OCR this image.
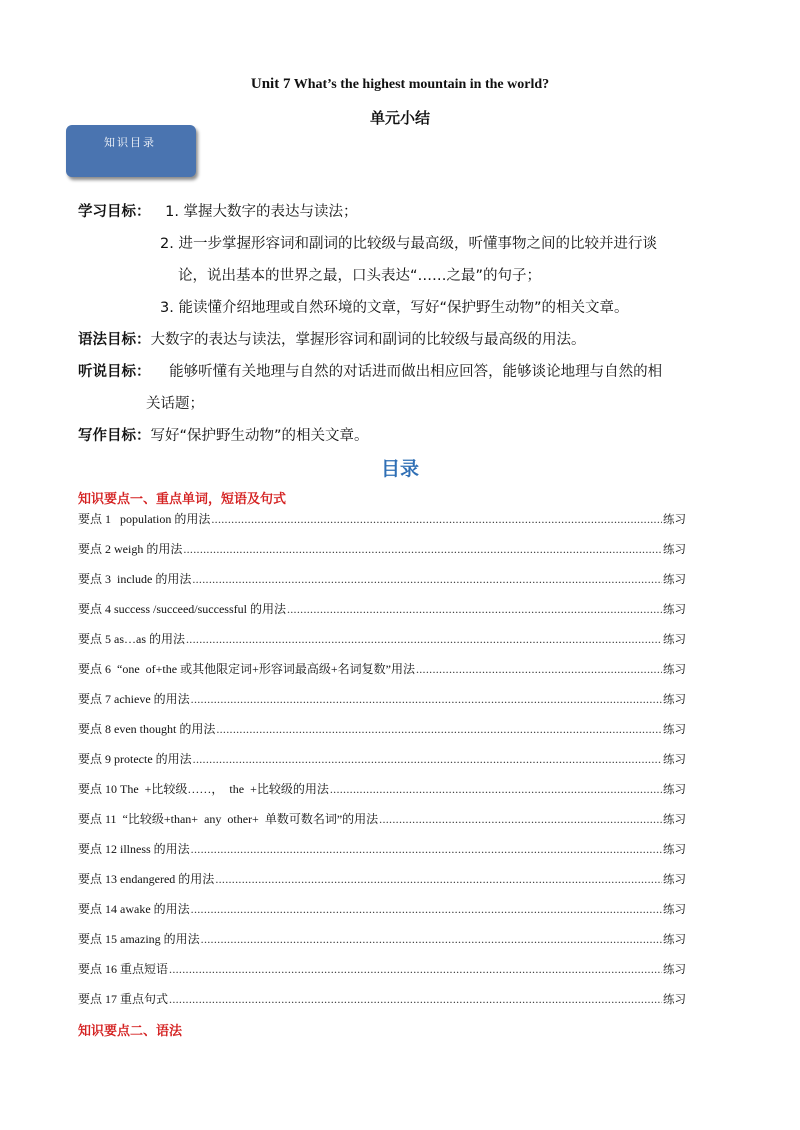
Unit 7 What’s the highest mountain in the world?
单元小结
知识目录
学习目标： 1. 掌握大数字的表达与读法；
2. 进一步掌握形容词和副词的比较级与最高级，听懂事物之间的比较并进行谈
论，说出基本的世界之最，口头表达“……之最”的句子；
3. 能读懂介绍地理或自然环境的文章，写好“保护野生动物”的相关文章。
语法目标：大数字的表达与读法，掌握形容词和副词的比较级与最高级的用法。
听说目标： 能够听懂有关地理与自然的对话进而做出相应回答，能够谈论地理与自然的相
关话题；
写作目标：写好“保护野生动物”的相关文章。
目录
知识要点一、重点单词，短语及句式
要点 1   population 的用法 .....	练习
要点 2 weigh 的用法 .....	练习
要点 3  include 的用法 .....	练习
要点 4 success /succeed/successful 的用法 .....	练习
要点 5 as…as 的用法 .....	练习
要点 6  “one  of+the 或其他限定词+形容词最高级+名词复数”用法 .....	练习
要点 7 achieve 的用法 .....	练习
要点 8 even thought 的用法 .....	练习
要点 9 protecte 的用法 .....	练习
要点 10 The  +比较级……，  the  +比较级的用法 .....	练习
要点 11  “比较级+than+  any  other+  单数可数名词”的用法 .....	练习
要点 12 illness 的用法 .....	练习
要点 13 endangered 的用法 .....	练习
要点 14 awake 的用法 .....	练习
要点 15 amazing 的用法 .....	练习
要点 16 重点短语 .....	练习
要点 17 重点句式 .....	练习
知识要点二、语法
